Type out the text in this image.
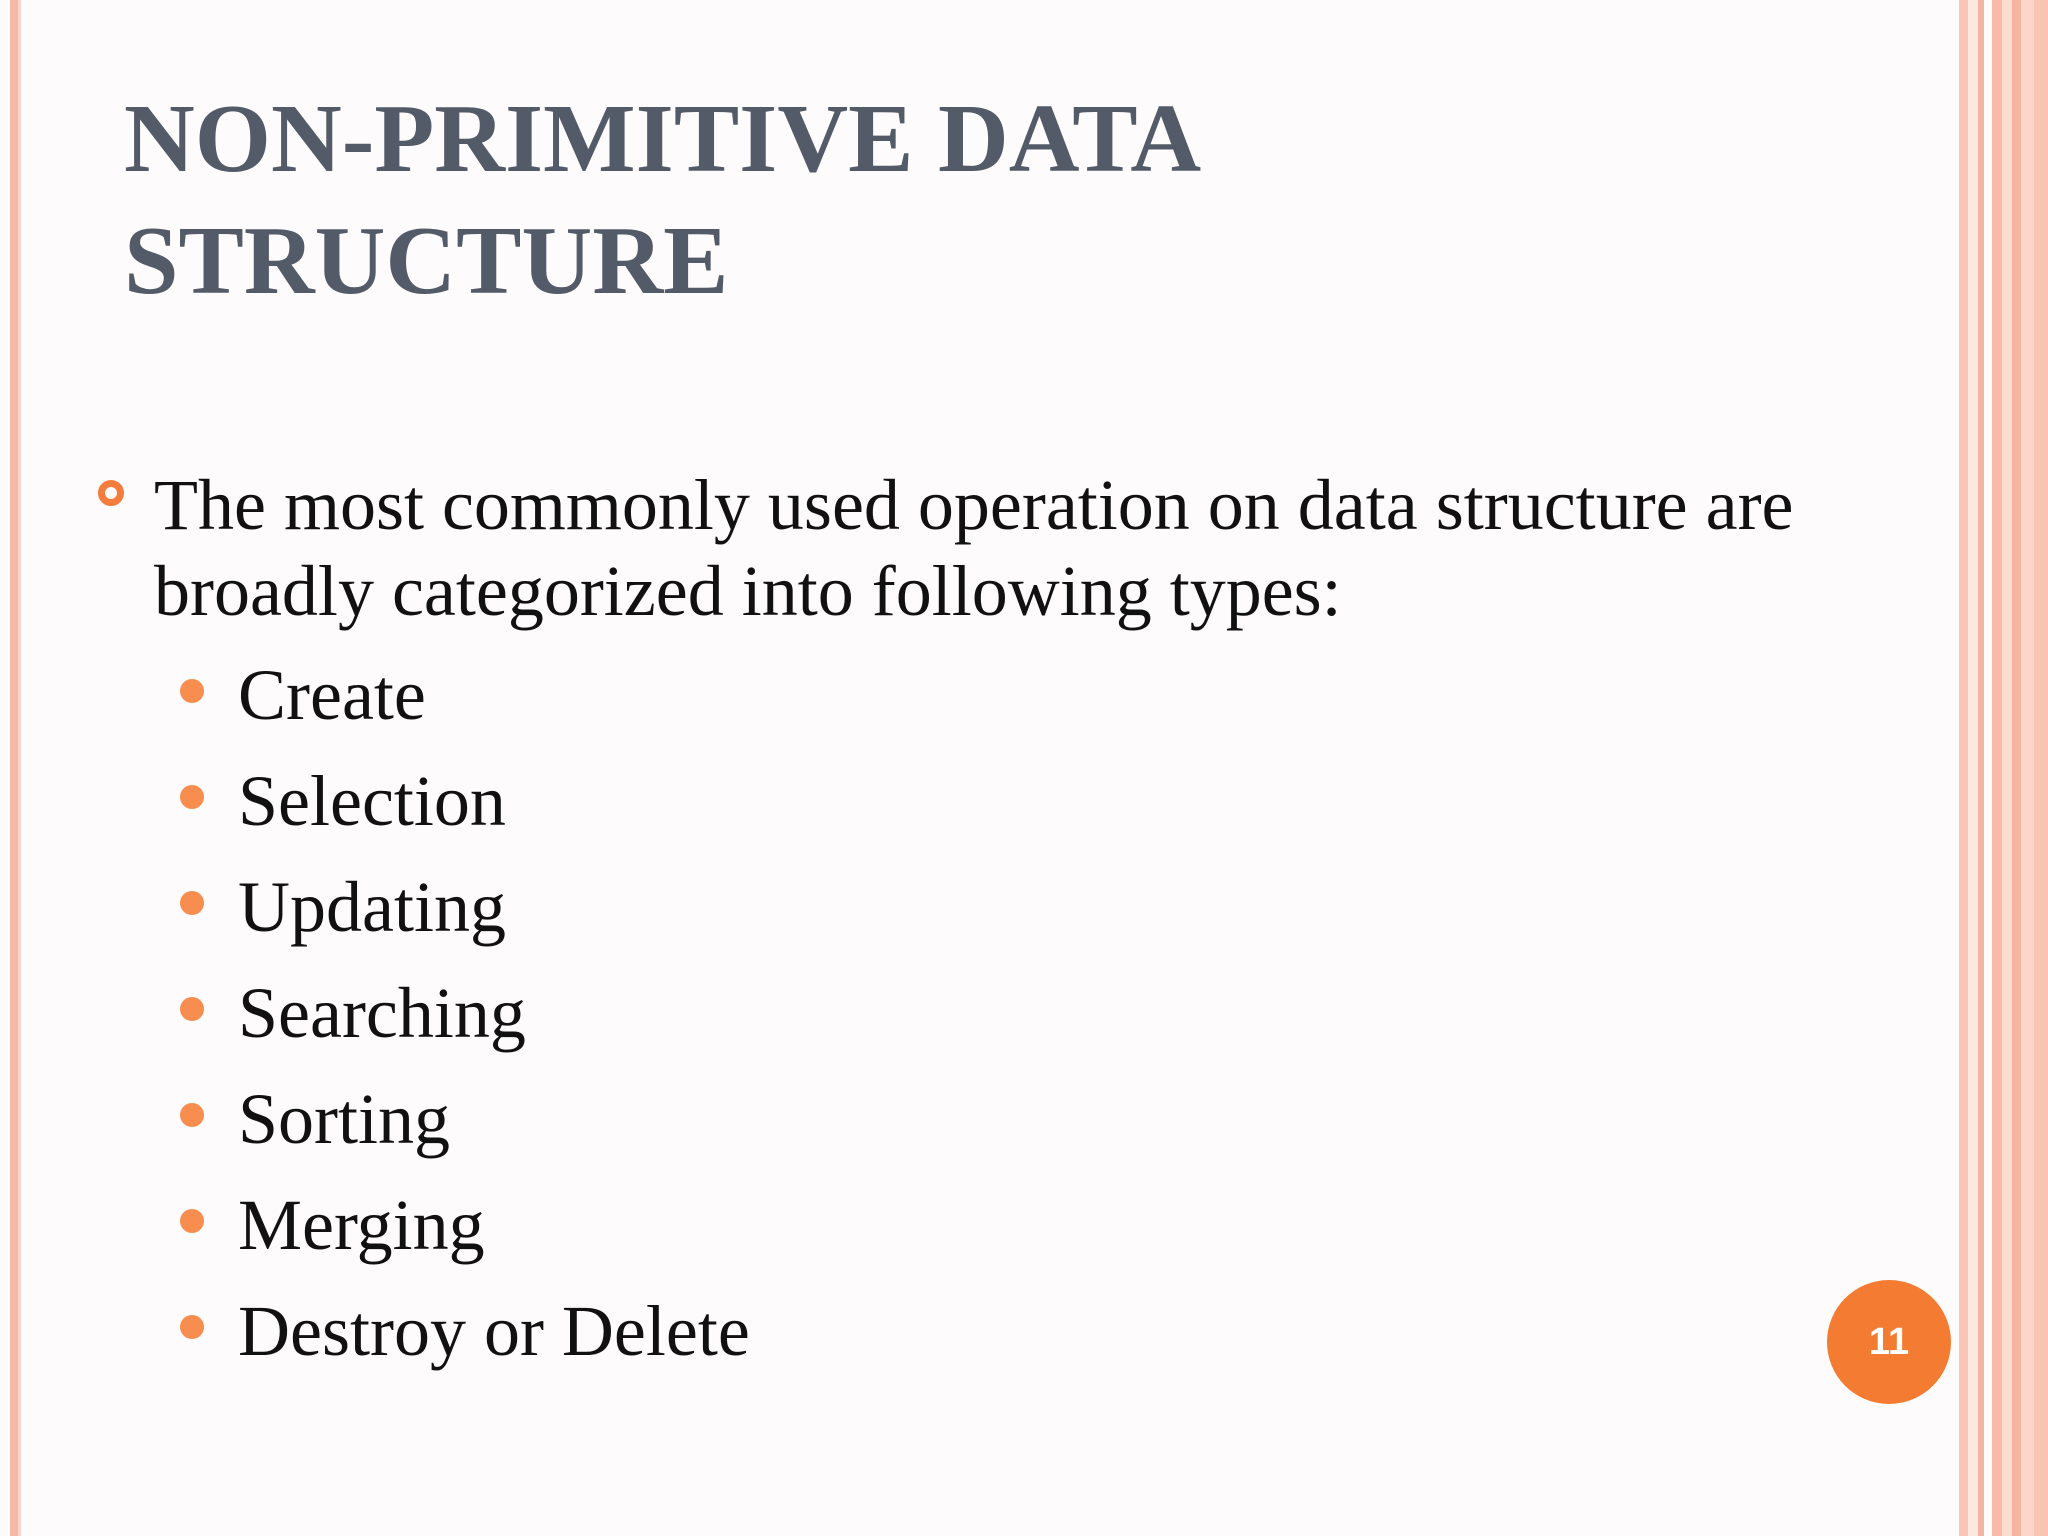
NON-PRIMITIVE DATA
STRUCTURE

The most commonly used operation on data structure are
broadly categorized into following types:

Create
Selection
Updating
Searching
Sorting
Merging
Destroy or Delete	11
